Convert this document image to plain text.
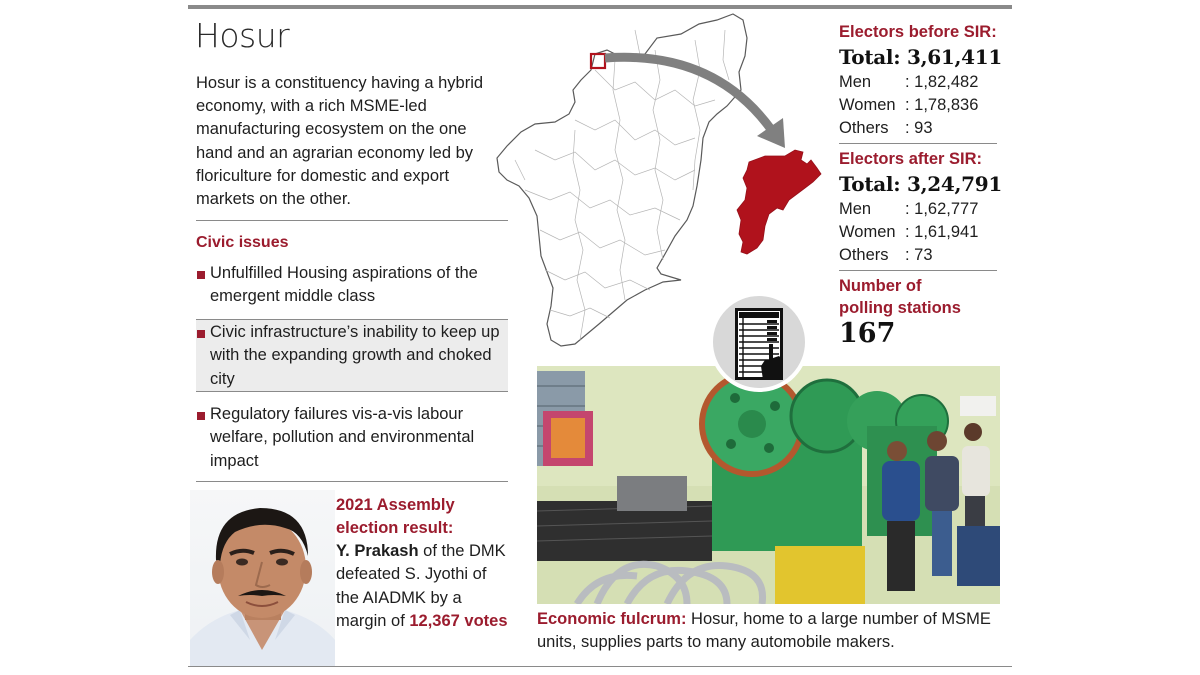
Hosur
Hosur is a constituency having a hybrid economy, with a rich MSME-led manufacturing ecosystem on the one hand and an agrarian economy led by floriculture for domestic and export markets on the other.
Civic issues
Unfulfilled Housing aspirations of the emergent middle class
Civic infrastructure’s inability to keep up with the expanding growth and choked city
Regulatory failures vis-a-vis labour welfare, pollution and environmental impact
2021 Assembly
election result:
Y. Prakash of the DMK defeated S. Jyothi of the AIADMK by a margin of 12,367 votes
Electors before SIR:
Total: 3,61,411
Men	: 1,82,482
Women : 1,78,836
Others : 93
Electors after SIR:
Total: 3,24,791
Men	: 1,62,777
Women : 1,61,941
Others : 73
Number of
polling stations
167
Economic fulcrum: Hosur, home to a large number of MSME units, supplies parts to many automobile makers.
